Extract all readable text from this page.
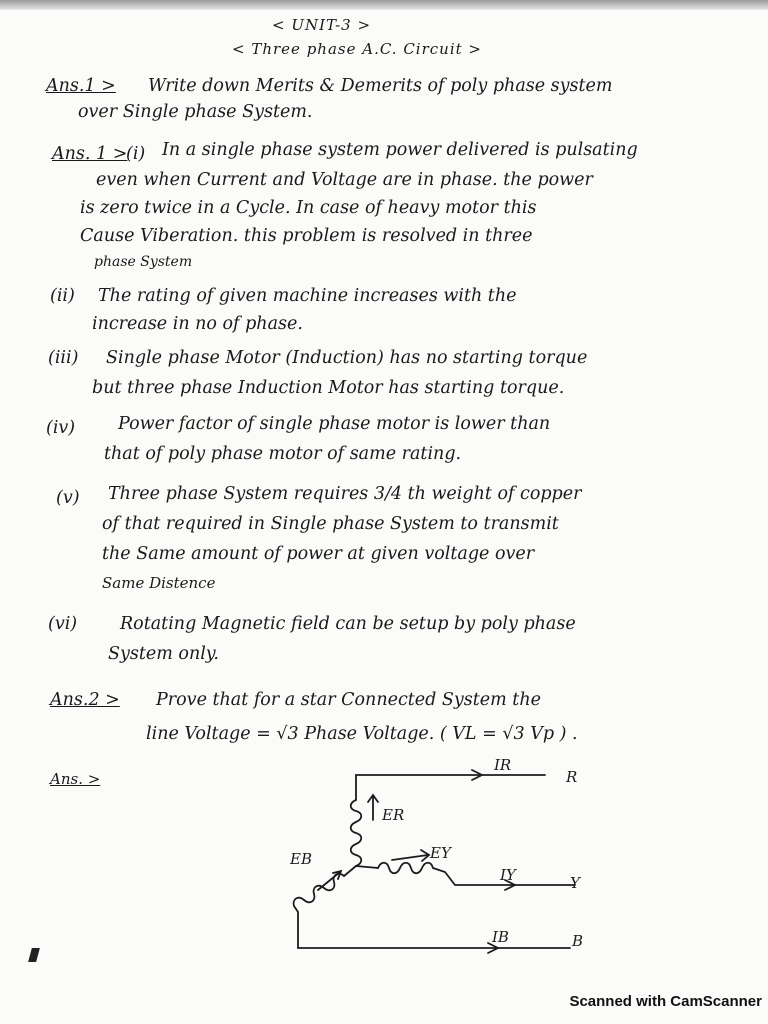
< UNIT-3 >
< Three phase A.C. Circuit >
Ans.1 > Write down Merits & Demerits of poly phase system
over Single phase System.
Ans. 1 >
(i) In a single phase system power delivered is pulsating
even when Current and Voltage are in phase. the power
is zero twice in a Cycle. In case of heavy motor this
Cause Viberation. this problem is resolved in three
phase System
(ii) The rating of given machine increases with the
increase in no of phase.
(iii) Single phase Motor (Induction) has no starting torque
but three phase Induction Motor has starting torque.
(iv) Power factor of single phase motor is lower than
that of poly phase motor of same rating.
(v) Three phase System requires 3/4 th weight of copper
of that required in Single phase System to transmit
the Same amount of power at given voltage over
Same Distence
(vi) Rotating Magnetic field can be setup by poly phase
System only.
Ans.2 > Prove that for a star Connected System the
line Voltage = √3 Phase Voltage. ( VL = √3 Vp ) .
Ans. >
IR
R
ER
EB	EY
IY	Y
IB	B
Scanned with CamScanner
